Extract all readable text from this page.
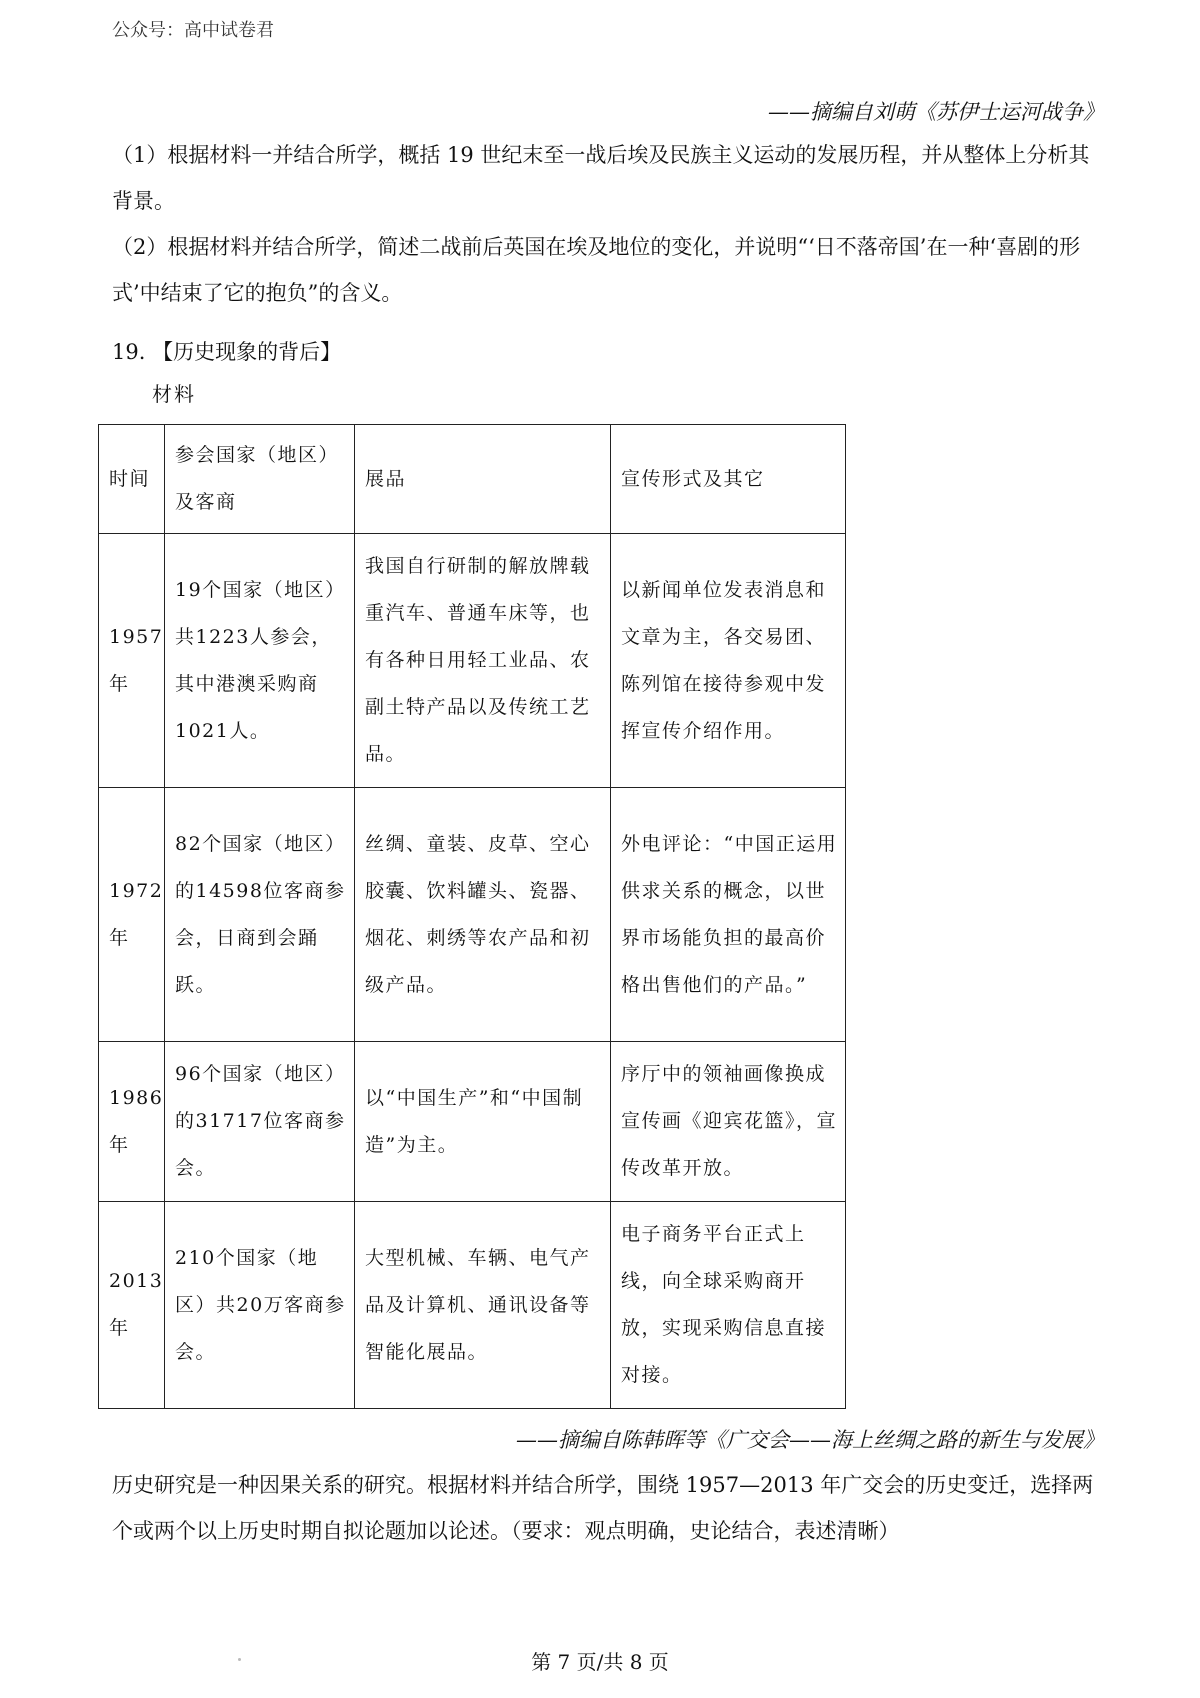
公众号：高中试卷君
——摘编自刘萌《苏伊士运河战争》

（1）根据材料一并结合所学，概括 19 世纪末至一战后埃及民族主义运动的发展历程，并从整体上分析其背景。

（2）根据材料并结合所学，简述二战前后英国在埃及地位的变化，并说明“‘日不落帝国’在一种‘喜剧的形式’中结束了它的抱负”的含义。

19. 【历史现象的背后】
材料
时间	参会国家（地区）及客商	展品	宣传形式及其它
1957年	19个国家（地区）共1223人参会，其中港澳采购商1021人。	我国自行研制的解放牌载重汽车、普通车床等，也有各种日用轻工业品、农副土特产品以及传统工艺品。	以新闻单位发表消息和文章为主，各交易团、陈列馆在接待参观中发挥宣传介绍作用。
1972年	82个国家（地区）的14598位客商参会，日商到会踊跃。	丝绸、童装、皮草、空心胶囊、饮料罐头、瓷器、烟花、刺绣等农产品和初级产品。	外电评论：“中国正运用供求关系的概念，以世界市场能负担的最高价格出售他们的产品。”
1986年	96个国家（地区）的31717位客商参会。	以“中国生产”和“中国制造”为主。	序厅中的领袖画像换成宣传画《迎宾花篮》，宣传改革开放。
2013年	210个国家（地区）共20万客商参会。	大型机械、车辆、电气产品及计算机、通讯设备等智能化展品。	电子商务平台正式上线，向全球采购商开放，实现采购信息直接对接。
——摘编自陈韩晖等《广交会——海上丝绸之路的新生与发展》

历史研究是一种因果关系的研究。根据材料并结合所学，围绕 1957—2013 年广交会的历史变迁，选择两个或两个以上历史时期自拟论题加以论述。（要求：观点明确，史论结合，表述清晰）

第 7 页/共 8 页
